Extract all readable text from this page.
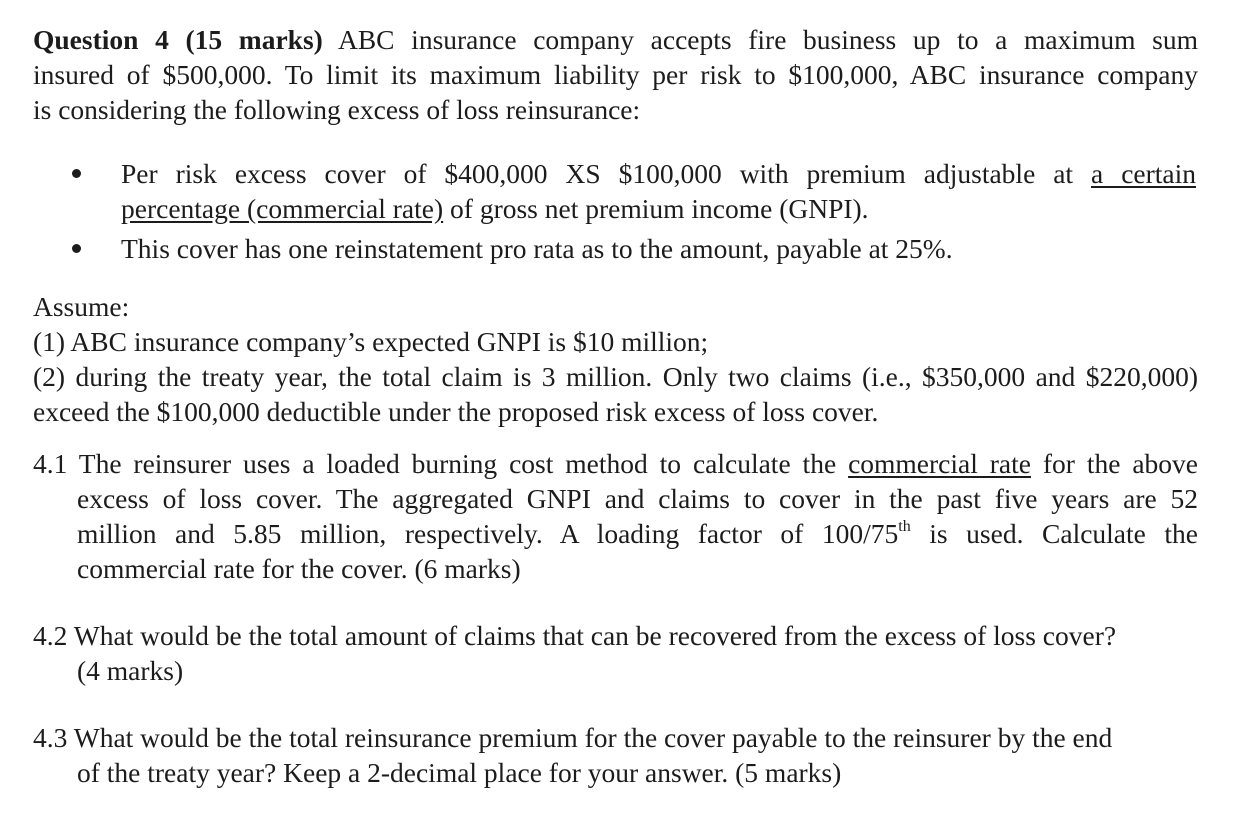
Question 4 (15 marks) ABC insurance company accepts fire business up to a maximum sum
insured of $500,000. To limit its maximum liability per risk to $100,000, ABC insurance company
is considering the following excess of loss reinsurance:
Per risk excess cover of $400,000 XS $100,000 with premium adjustable at a certain
percentage (commercial rate) of gross net premium income (GNPI).
This cover has one reinstatement pro rata as to the amount, payable at 25%.
Assume:
(1) ABC insurance company’s expected GNPI is $10 million;
(2) during the treaty year, the total claim is 3 million. Only two claims (i.e., $350,000 and $220,000)
exceed the $100,000 deductible under the proposed risk excess of loss cover.
4.1 The reinsurer uses a loaded burning cost method to calculate the commercial rate for the above
excess of loss cover. The aggregated GNPI and claims to cover in the past five years are 52
million and 5.85 million, respectively. A loading factor of 100/75th is used. Calculate the
commercial rate for the cover. (6 marks)
4.2 What would be the total amount of claims that can be recovered from the excess of loss cover?
(4 marks)
4.3 What would be the total reinsurance premium for the cover payable to the reinsurer by the end
of the treaty year? Keep a 2-decimal place for your answer. (5 marks)
